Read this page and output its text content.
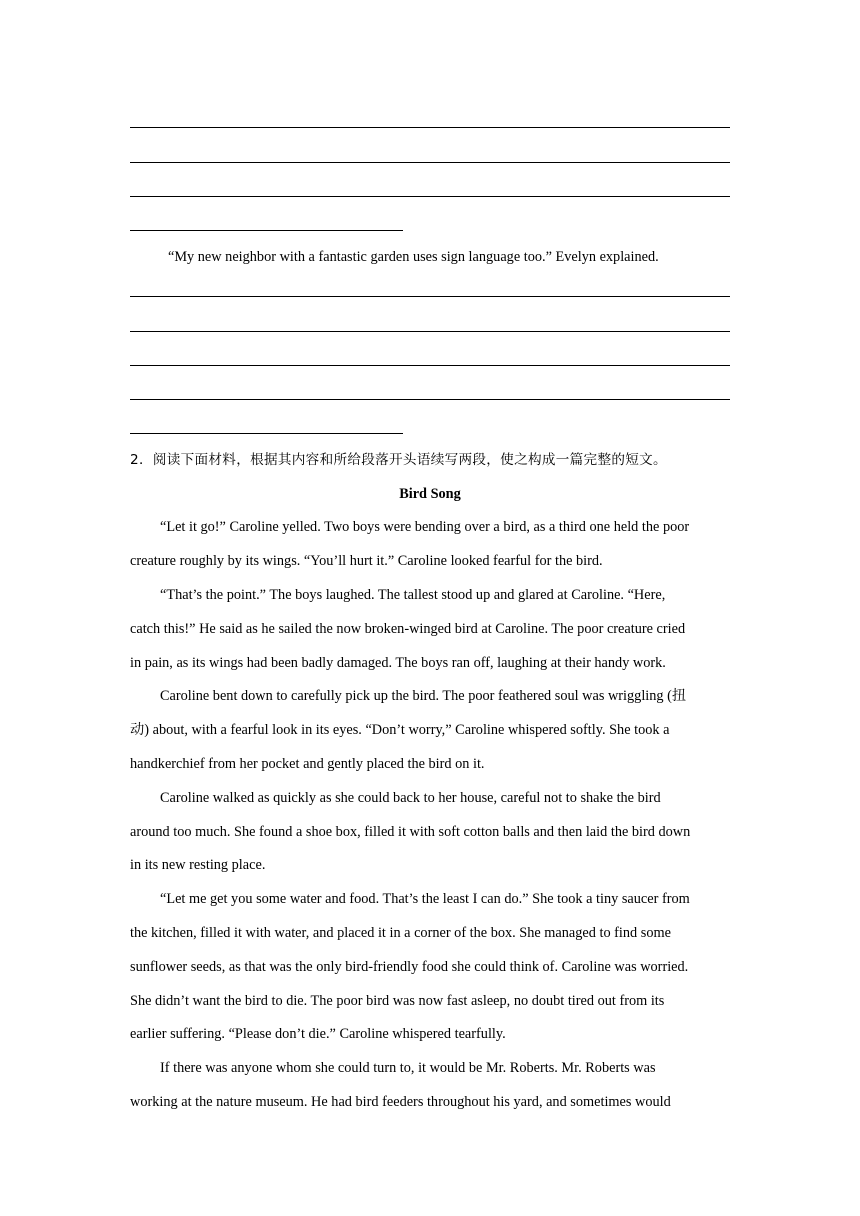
“My new neighbor with a fantastic garden uses sign language too.” Evelyn explained.
2．阅读下面材料，根据其内容和所给段落开头语续写两段，使之构成一篇完整的短文。
Bird Song
“Let it go!” Caroline yelled. Two boys were bending over a bird, as a third one held the poor
creature roughly by its wings. “You’ll hurt it.” Caroline looked fearful for the bird.
“That’s the point.” The boys laughed. The tallest stood up and glared at Caroline. “Here,
catch this!” He said as he sailed the now broken-winged bird at Caroline. The poor creature cried
in pain, as its wings had been badly damaged. The boys ran off, laughing at their handy work.
Caroline bent down to carefully pick up the bird. The poor feathered soul was wriggling (扭
动) about, with a fearful look in its eyes. “Don’t worry,” Caroline whispered softly. She took a
handkerchief from her pocket and gently placed the bird on it.
Caroline walked as quickly as she could back to her house, careful not to shake the bird
around too much. She found a shoe box, filled it with soft cotton balls and then laid the bird down
in its new resting place.
“Let me get you some water and food. That’s the least I can do.” She took a tiny saucer from
the kitchen, filled it with water, and placed it in a corner of the box. She managed to find some
sunflower seeds, as that was the only bird-friendly food she could think of. Caroline was worried.
She didn’t want the bird to die. The poor bird was now fast asleep, no doubt tired out from its
earlier suffering. “Please don’t die.” Caroline whispered tearfully.
If there was anyone whom she could turn to, it would be Mr. Roberts. Mr. Roberts was
working at the nature museum. He had bird feeders throughout his yard, and sometimes would
